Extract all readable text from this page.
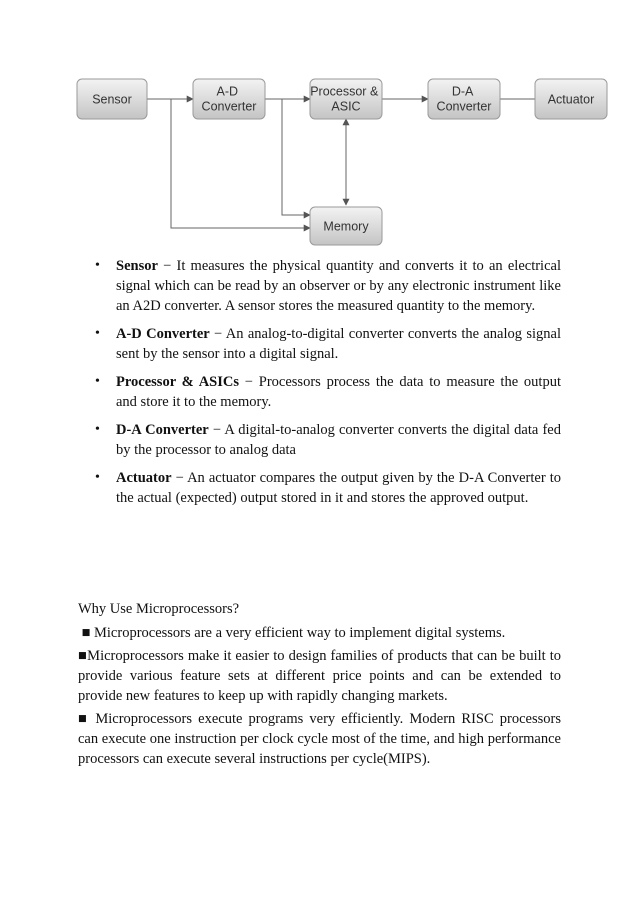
Sensor
A-D Converter
Processor & ASIC
D-A Converter	Actuator
Memory
• Sensor − It measures the physical quantity and converts it to an electrical signal which can be read by an observer or by any electronic instrument like an A2D converter. A sensor stores the measured quantity to the memory.
• A-D Converter − An analog-to-digital converter converts the analog signal sent by the sensor into a digital signal.
• Processor & ASICs − Processors process the data to measure the output and store it to the memory.
• D-A Converter − A digital-to-analog converter converts the digital data fed by the processor to analog data
• Actuator − An actuator compares the output given by the D-A Converter to the actual (expected) output stored in it and stores the approved output.

Why Use Microprocessors?

■ Microprocessors are a very efficient way to implement digital systems.

■Microprocessors make it easier to design families of products that can be built to provide various feature sets at different price points and can be extended to provide new features to keep up with rapidly changing markets.

■ Microprocessors execute programs very efficiently. Modern RISC processors can execute one instruction per clock cycle most of the time, and high performance processors can execute several instructions per cycle(MIPS).
